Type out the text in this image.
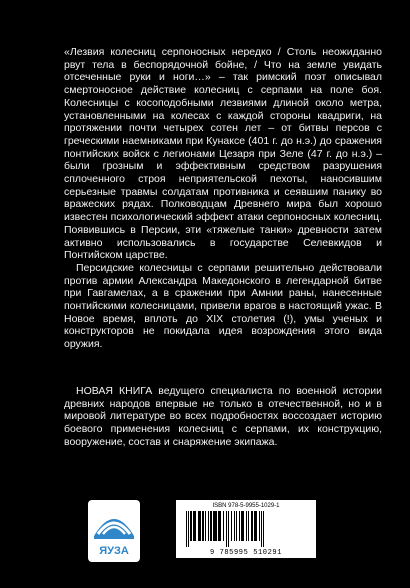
«Лезвия колесниц серпоносных нередко / Столь неожиданно рвут тела в беспорядочной бойне, / Что на земле увидать отсеченные руки и ноги…» – так римский поэт описывал смертоносное действие колесниц с серпами на поле боя. Колесницы с косоподобными лезвиями длиной около метра, установленными на колесах с каждой стороны квадриги, на протяжении почти четырех сотен лет – от битвы персов с греческими наемниками при Кунаксе (401 г. до н.э.) до сражения понтийских войск с легионами Цезаря при Зеле (47 г. до н.э.) – были грозным и эффективным средством разрушения сплоченного строя неприятельской пехоты, наносившим серьезные травмы солдатам противника и сеявшим панику во вражеских рядах. Полководцам Древнего мира был хорошо известен психологический эффект атаки серпоносных колесниц. Появившись в Персии, эти «тяжелые танки» древности затем активно использовались в государстве Селевкидов и Понтийском царстве.

Персидские колесницы с серпами решительно действовали против армии Александра Македонского в легендарной битве при Гавгамелах, а в сражении при Амнии раны, нанесенные понтийскими колесницами, привели врагов в настоящий ужас. В Новое время, вплоть до XIX столетия (!), умы ученых и конструкторов не покидала идея возрождения этого вида оружия.

НОВАЯ КНИГА ведущего специалиста по военной истории древних народов впервые не только в отечественной, но и в мировой литературе во всех подробностях воссоздает историю боевого применения колесниц с серпами, их конструкцию, вооружение, состав и снаряжение экипажа.

ЯУЗА
ISBN 978-5-9955-1029-1
9 785995 510291
